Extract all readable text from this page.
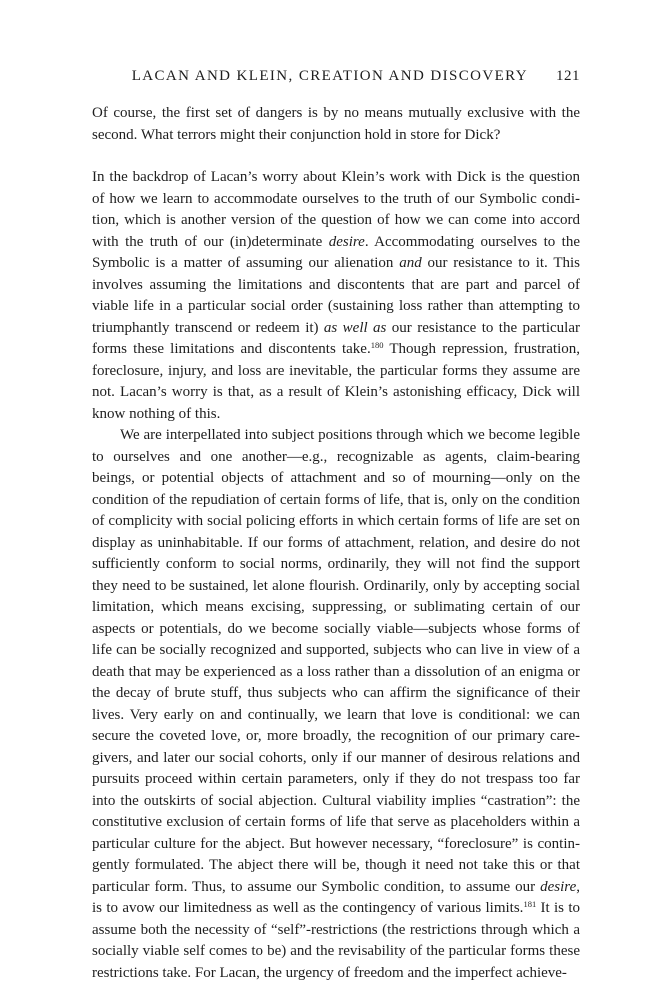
LACAN AND KLEIN, CREATION AND DISCOVERY 121

Of course, the first set of dangers is by no means mutually exclusive with the second. What terrors might their conjunction hold in store for Dick?

In the backdrop of Lacan’s worry about Klein’s work with Dick is the question of how we learn to accommodate ourselves to the truth of our Symbolic condition, which is another version of the question of how we can come into accord with the truth of our (in)determinate desire. Accommodating ourselves to the Symbolic is a matter of assuming our alienation and our resistance to it. This involves assuming the limitations and discontents that are part and parcel of viable life in a particular social order (sustaining loss rather than attempting to triumphantly transcend or redeem it) as well as our resistance to the particular forms these limitations and discontents take.$^{180}$ Though repression, frustration, foreclosure, injury, and loss are inevitable, the particular forms they assume are not. Lacan’s worry is that, as a result of Klein’s astonishing efficacy, Dick will know nothing of this.

We are interpellated into subject positions through which we become legible to ourselves and one another—e.g., recognizable as agents, claim-bearing beings, or potential objects of attachment and so of mourning—only on the condition of the repudiation of certain forms of life, that is, only on the condition of complicity with social policing efforts in which certain forms of life are set on display as uninhabitable. If our forms of attachment, relation, and desire do not sufficiently conform to social norms, ordinarily, they will not find the support they need to be sustained, let alone flourish. Ordinarily, only by accepting social limitation, which means excising, suppressing, or sublimating certain of our aspects or potentials, do we become socially viable—subjects whose forms of life can be socially recognized and supported, subjects who can live in view of a death that may be experienced as a loss rather than a dissolution of an enigma or the decay of brute stuff, thus subjects who can affirm the significance of their lives. Very early on and continually, we learn that love is conditional: we can secure the coveted love, or, more broadly, the recognition of our primary caregivers, and later our social cohorts, only if our manner of desirous relations and pursuits proceed within certain parameters, only if they do not trespass too far into the outskirts of social abjection. Cultural viability implies “castration”: the constitutive exclusion of certain forms of life that serve as placeholders within a particular culture for the abject. But however necessary, “foreclosure” is contingently formulated. The abject there will be, though it need not take this or that particular form. Thus, to assume our Symbolic condition, to assume our desire, is to avow our limitedness as well as the contingency of various limits.$^{181}$ It is to assume both the necessity of “self”-restrictions (the restrictions through which a socially viable self comes to be) and the revisability of the particular forms these restrictions take. For Lacan, the urgency of freedom and the imperfect achieve-
